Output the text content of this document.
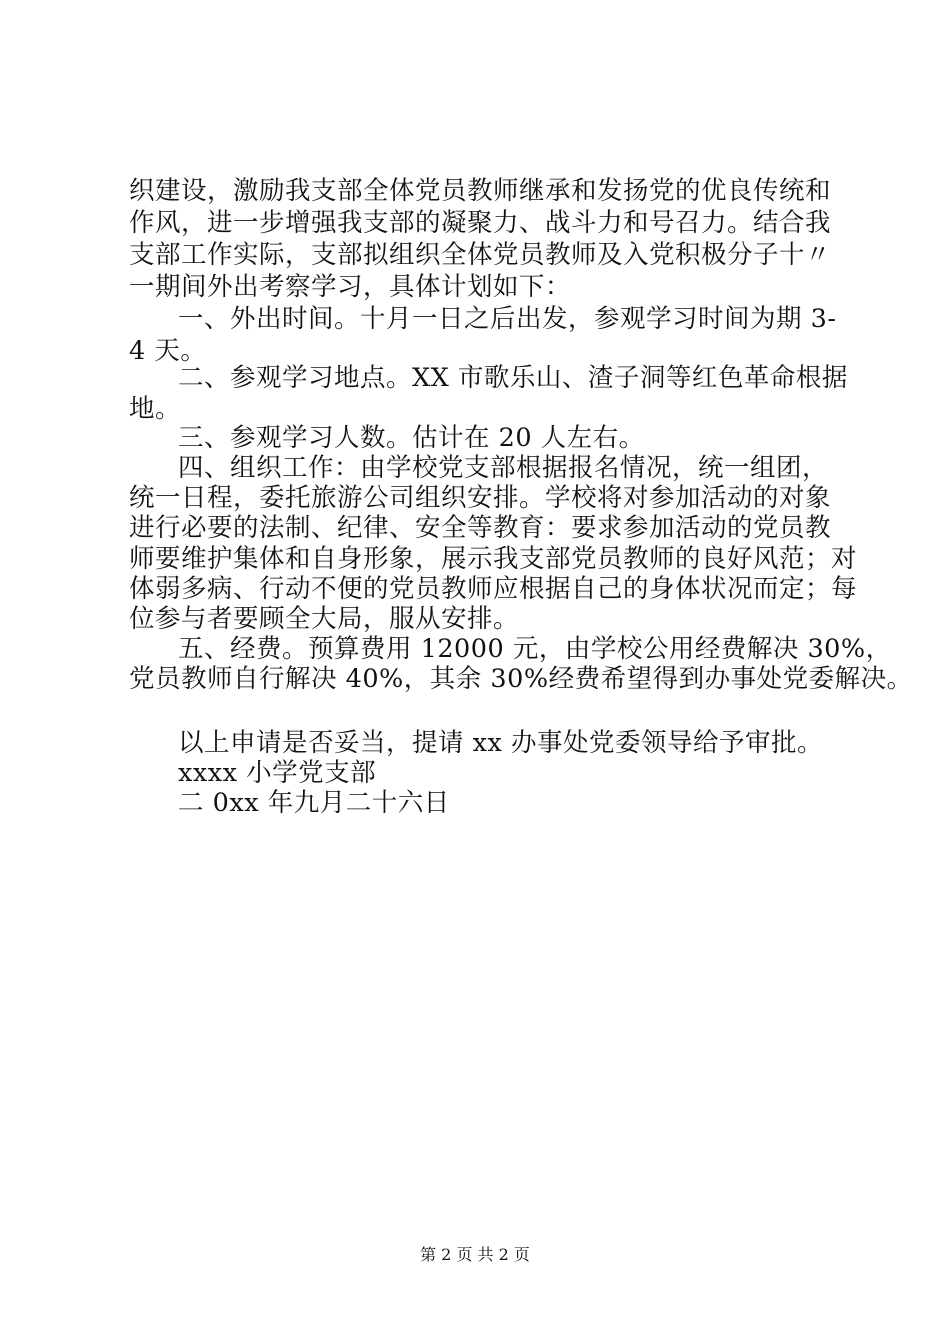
织建设，激励我支部全体党员教师继承和发扬党的优良传统和
作风，进一步增强我支部的凝聚力、战斗力和号召力。结合我
支部工作实际，支部拟组织全体党员教师及入党积极分子十〃
一期间外出考察学习，具体计划如下：
一、外出时间。十月一日之后出发，参观学习时间为期 3-
4 天。
二、参观学习地点。XX 市歌乐山、渣子洞等红色革命根据
地。
三、参观学习人数。估计在 20 人左右。
四、组织工作：由学校党支部根据报名情况，统一组团，
统一日程，委托旅游公司组织安排。学校将对参加活动的对象
进行必要的法制、纪律、安全等教育：要求参加活动的党员教
师要维护集体和自身形象，展示我支部党员教师的良好风范；对
体弱多病、行动不便的党员教师应根据自己的身体状况而定；每
位参与者要顾全大局，服从安排。
五、经费。预算费用 12000 元，由学校公用经费解决 30%，
党员教师自行解决 40%，其余 30%经费希望得到办事处党委解决。
以上申请是否妥当，提请 xx 办事处党委领导给予审批。
xxxx 小学党支部
二 0xx 年九月二十六日
第 2 页 共 2 页
